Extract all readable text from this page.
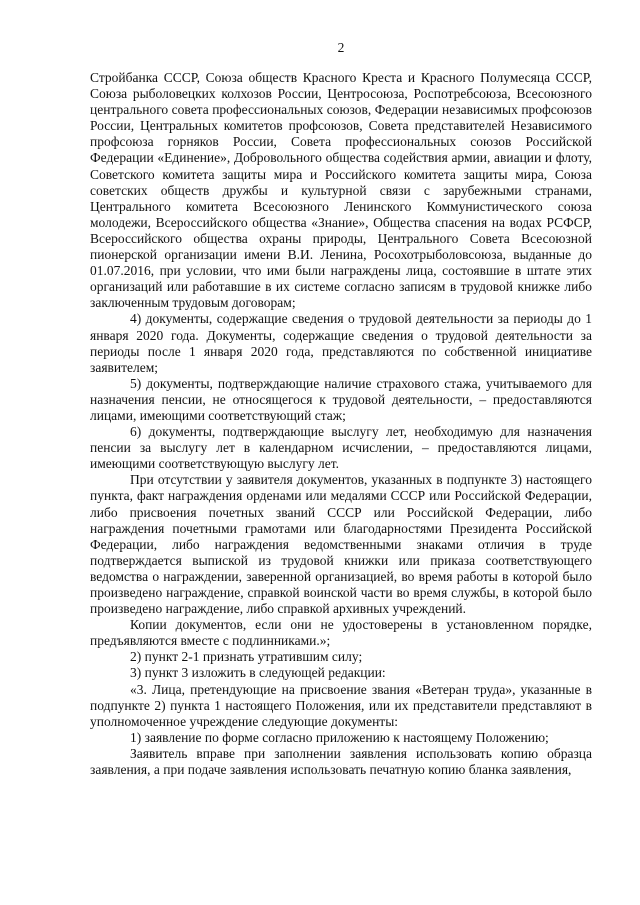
2

Стройбанка СССР, Союза обществ Красного Креста и Красного Полумесяца СССР, Союза рыболовецких колхозов России, Центросоюза, Роспотребсоюза, Всесоюзного центрального совета профессиональных союзов, Федерации независимых профсоюзов России, Центральных комитетов профсоюзов, Совета представителей Независимого профсоюза горняков России, Совета профессиональных союзов Российской Федерации «Единение», Добровольного общества содействия армии, авиации и флоту, Советского комитета защиты мира и Российского комитета защиты мира, Союза советских обществ дружбы и культурной связи с зарубежными странами, Центрального комитета Всесоюзного Ленинского Коммунистического союза молодежи, Всероссийского общества «Знание», Общества спасения на водах РСФСР, Всероссийского общества охраны природы, Центрального Совета Всесоюзной пионерской организации имени В.И. Ленина, Росохотрыболовсоюза, выданные до 01.07.2016, при условии, что ими были награждены лица, состоявшие в штате этих организаций или работавшие в их системе согласно записям в трудовой книжке либо заключенным трудовым договорам;

4) документы, содержащие сведения о трудовой деятельности за периоды до 1 января 2020 года. Документы, содержащие сведения о трудовой деятельности за периоды после 1 января 2020 года, представляются по собственной инициативе заявителем;

5) документы, подтверждающие наличие страхового стажа, учитываемого для назначения пенсии, не относящегося к трудовой деятельности, – предоставляются лицами, имеющими соответствующий стаж;

6) документы, подтверждающие выслугу лет, необходимую для назначения пенсии за выслугу лет в календарном исчислении, – предоставляются лицами, имеющими соответствующую выслугу лет.

При отсутствии у заявителя документов, указанных в подпункте 3) настоящего пункта, факт награждения орденами или медалями СССР или Российской Федерации, либо присвоения почетных званий СССР или Российской Федерации, либо награждения почетными грамотами или благодарностями Президента Российской Федерации, либо награждения ведомственными знаками отличия в труде подтверждается выпиской из трудовой книжки или приказа соответствующего ведомства о награждении, заверенной организацией, во время работы в которой было произведено награждение, справкой воинской части во время службы, в которой было произведено награждение, либо справкой архивных учреждений.

Копии документов, если они не удостоверены в установленном порядке, предъявляются вместе с подлинниками.»;

2) пункт 2-1 признать утратившим силу;

3) пункт 3 изложить в следующей редакции:

«3. Лица, претендующие на присвоение звания «Ветеран труда», указанные в подпункте 2) пункта 1 настоящего Положения, или их представители представляют в уполномоченное учреждение следующие документы:

1) заявление по форме согласно приложению к настоящему Положению;

Заявитель вправе при заполнении заявления использовать копию образца заявления, а при подаче заявления использовать печатную копию бланка заявления,
